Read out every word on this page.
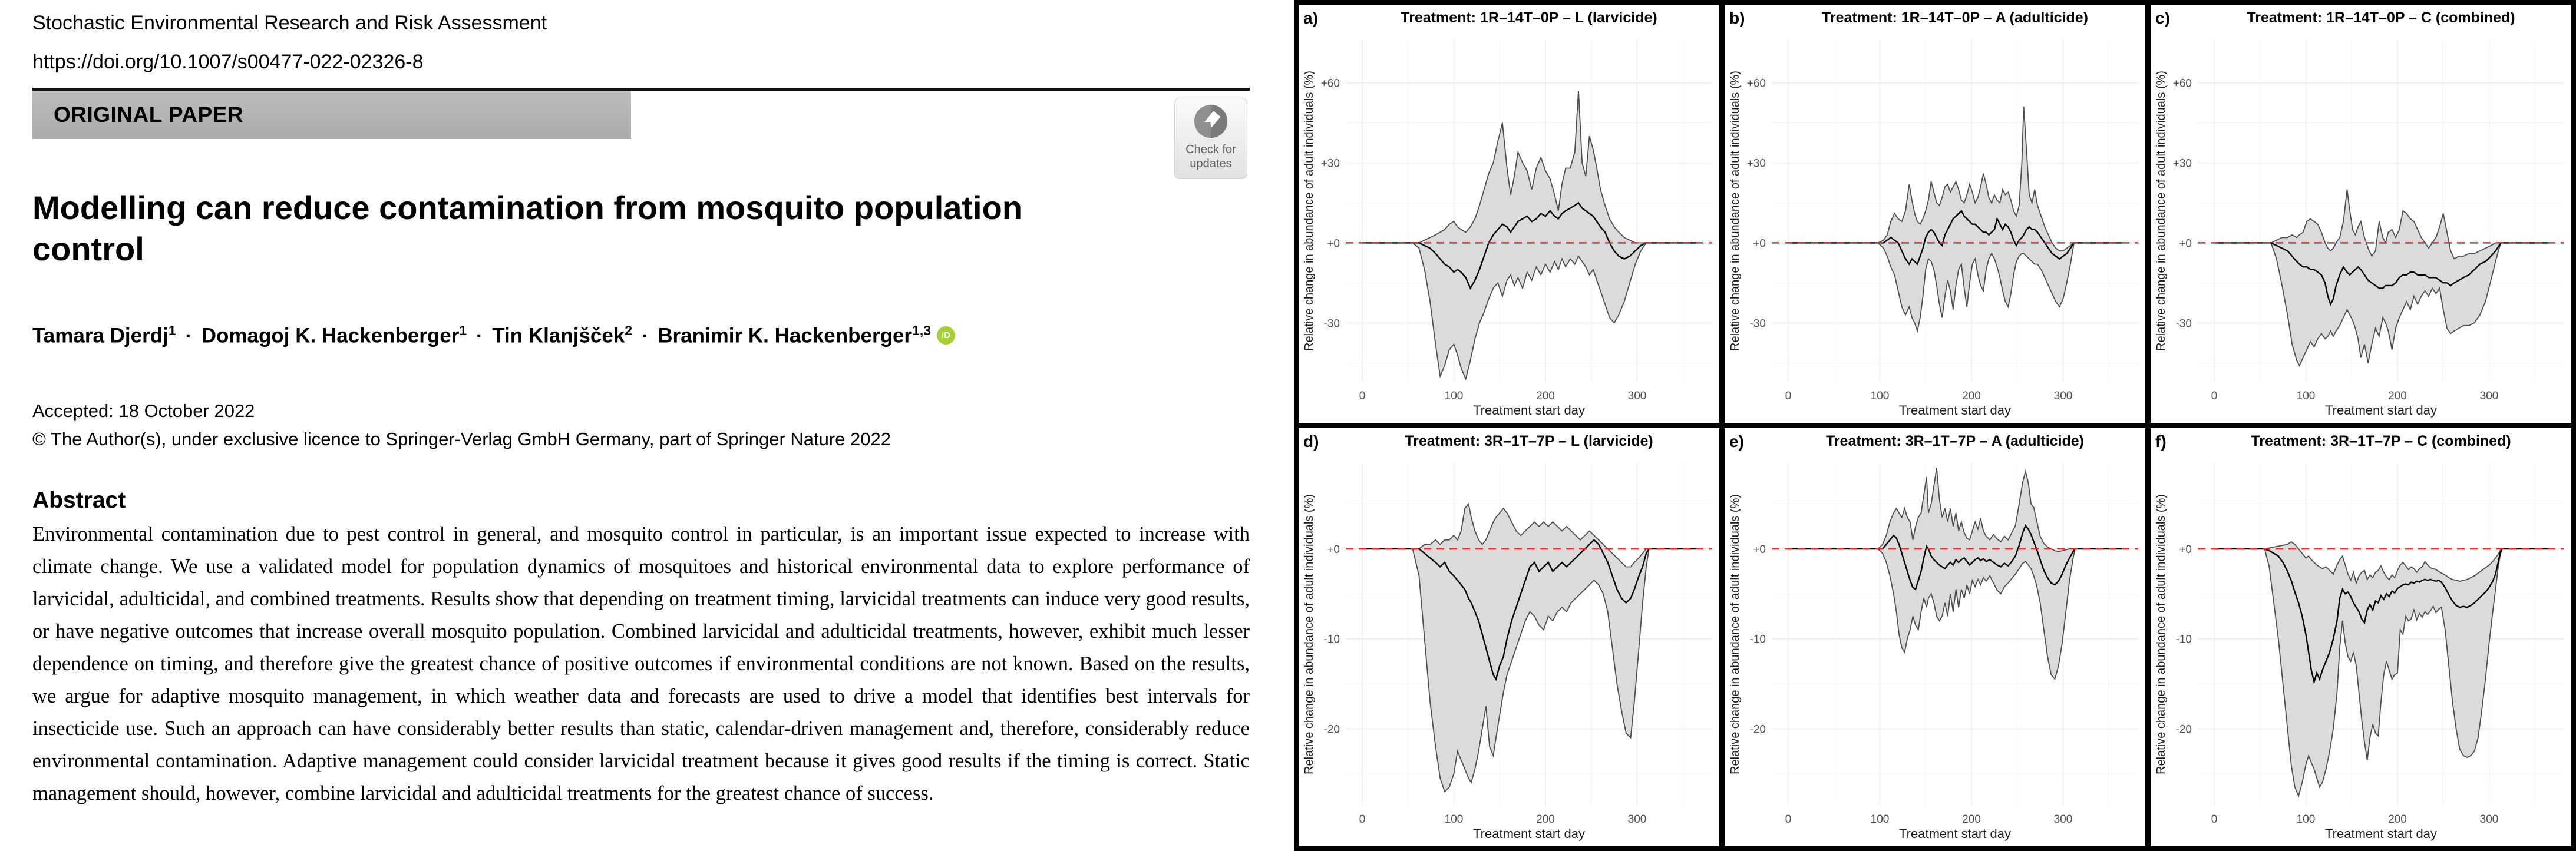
Stochastic Environmental Research and Risk Assessment
https://doi.org/10.1007/s00477-022-02326-8
ORIGINAL PAPER
Check for
updates
Modelling can reduce contamination from mosquito population control
Tamara Djerdj$^1$ · Domagoj K. Hackenberger$^1$ · Tin Klanjšček$^2$ · Branimir K. Hackenberger$^{1,3}$ iD
Accepted: 18 October 2022
© The Author(s), under exclusive licence to Springer-Verlag GmbH Germany, part of Springer Nature 2022
Abstract

Environmental contamination due to pest control in general, and mosquito control in particular, is an important issue expected to increase with climate change. We use a validated model for population dynamics of mosquitoes and historical environmental data to explore performance of larvicidal, adulticidal, and combined treatments. Results show that depending on treatment timing, larvicidal treatments can induce very good results, or have negative outcomes that increase overall mosquito population. Combined larvicidal and adulticidal treatments, however, exhibit much lesser dependence on timing, and therefore give the greatest chance of positive outcomes if environmental conditions are not known. Based on the results, we argue for adaptive mosquito management, in which weather data and forecasts are used to drive a model that identifies best intervals for insecticide use. Such an approach can have considerably better results than static, calendar-driven management and, therefore, considerably reduce environmental contamination. Adaptive management could consider larvicidal treatment because it gives good results if the timing is correct. Static management should, however, combine larvicidal and adulticidal treatments for the greatest chance of success.

+60
+30
+0
-30
0	100	200	300
Treatment start day
Relative change in abundance of adult individuals (%)
a)	Treatment: 1R–14T–0P – L (larvicide)
+60
+30
+0
-30
0	100	200	300
Treatment start day
Relative change in abundance of adult individuals (%)
b)	Treatment: 1R–14T–0P – A (adulticide)
+60
+30
+0
-30
0	100	200	300
Treatment start day
Relative change in abundance of adult individuals (%)
c)	Treatment: 1R–14T–0P – C (combined)
+0
-10
-20
0	100	200	300
Treatment start day
Relative change in abundance of adult individuals (%)
d)	Treatment: 3R–1T–7P – L (larvicide)
+0
-10
-20
0	100	200	300
Treatment start day
Relative change in abundance of adult individuals (%)
e)	Treatment: 3R–1T–7P – A (adulticide)
+0
-10
-20
0	100	200	300
Treatment start day
Relative change in abundance of adult individuals (%)
f)	Treatment: 3R–1T–7P – C (combined)
